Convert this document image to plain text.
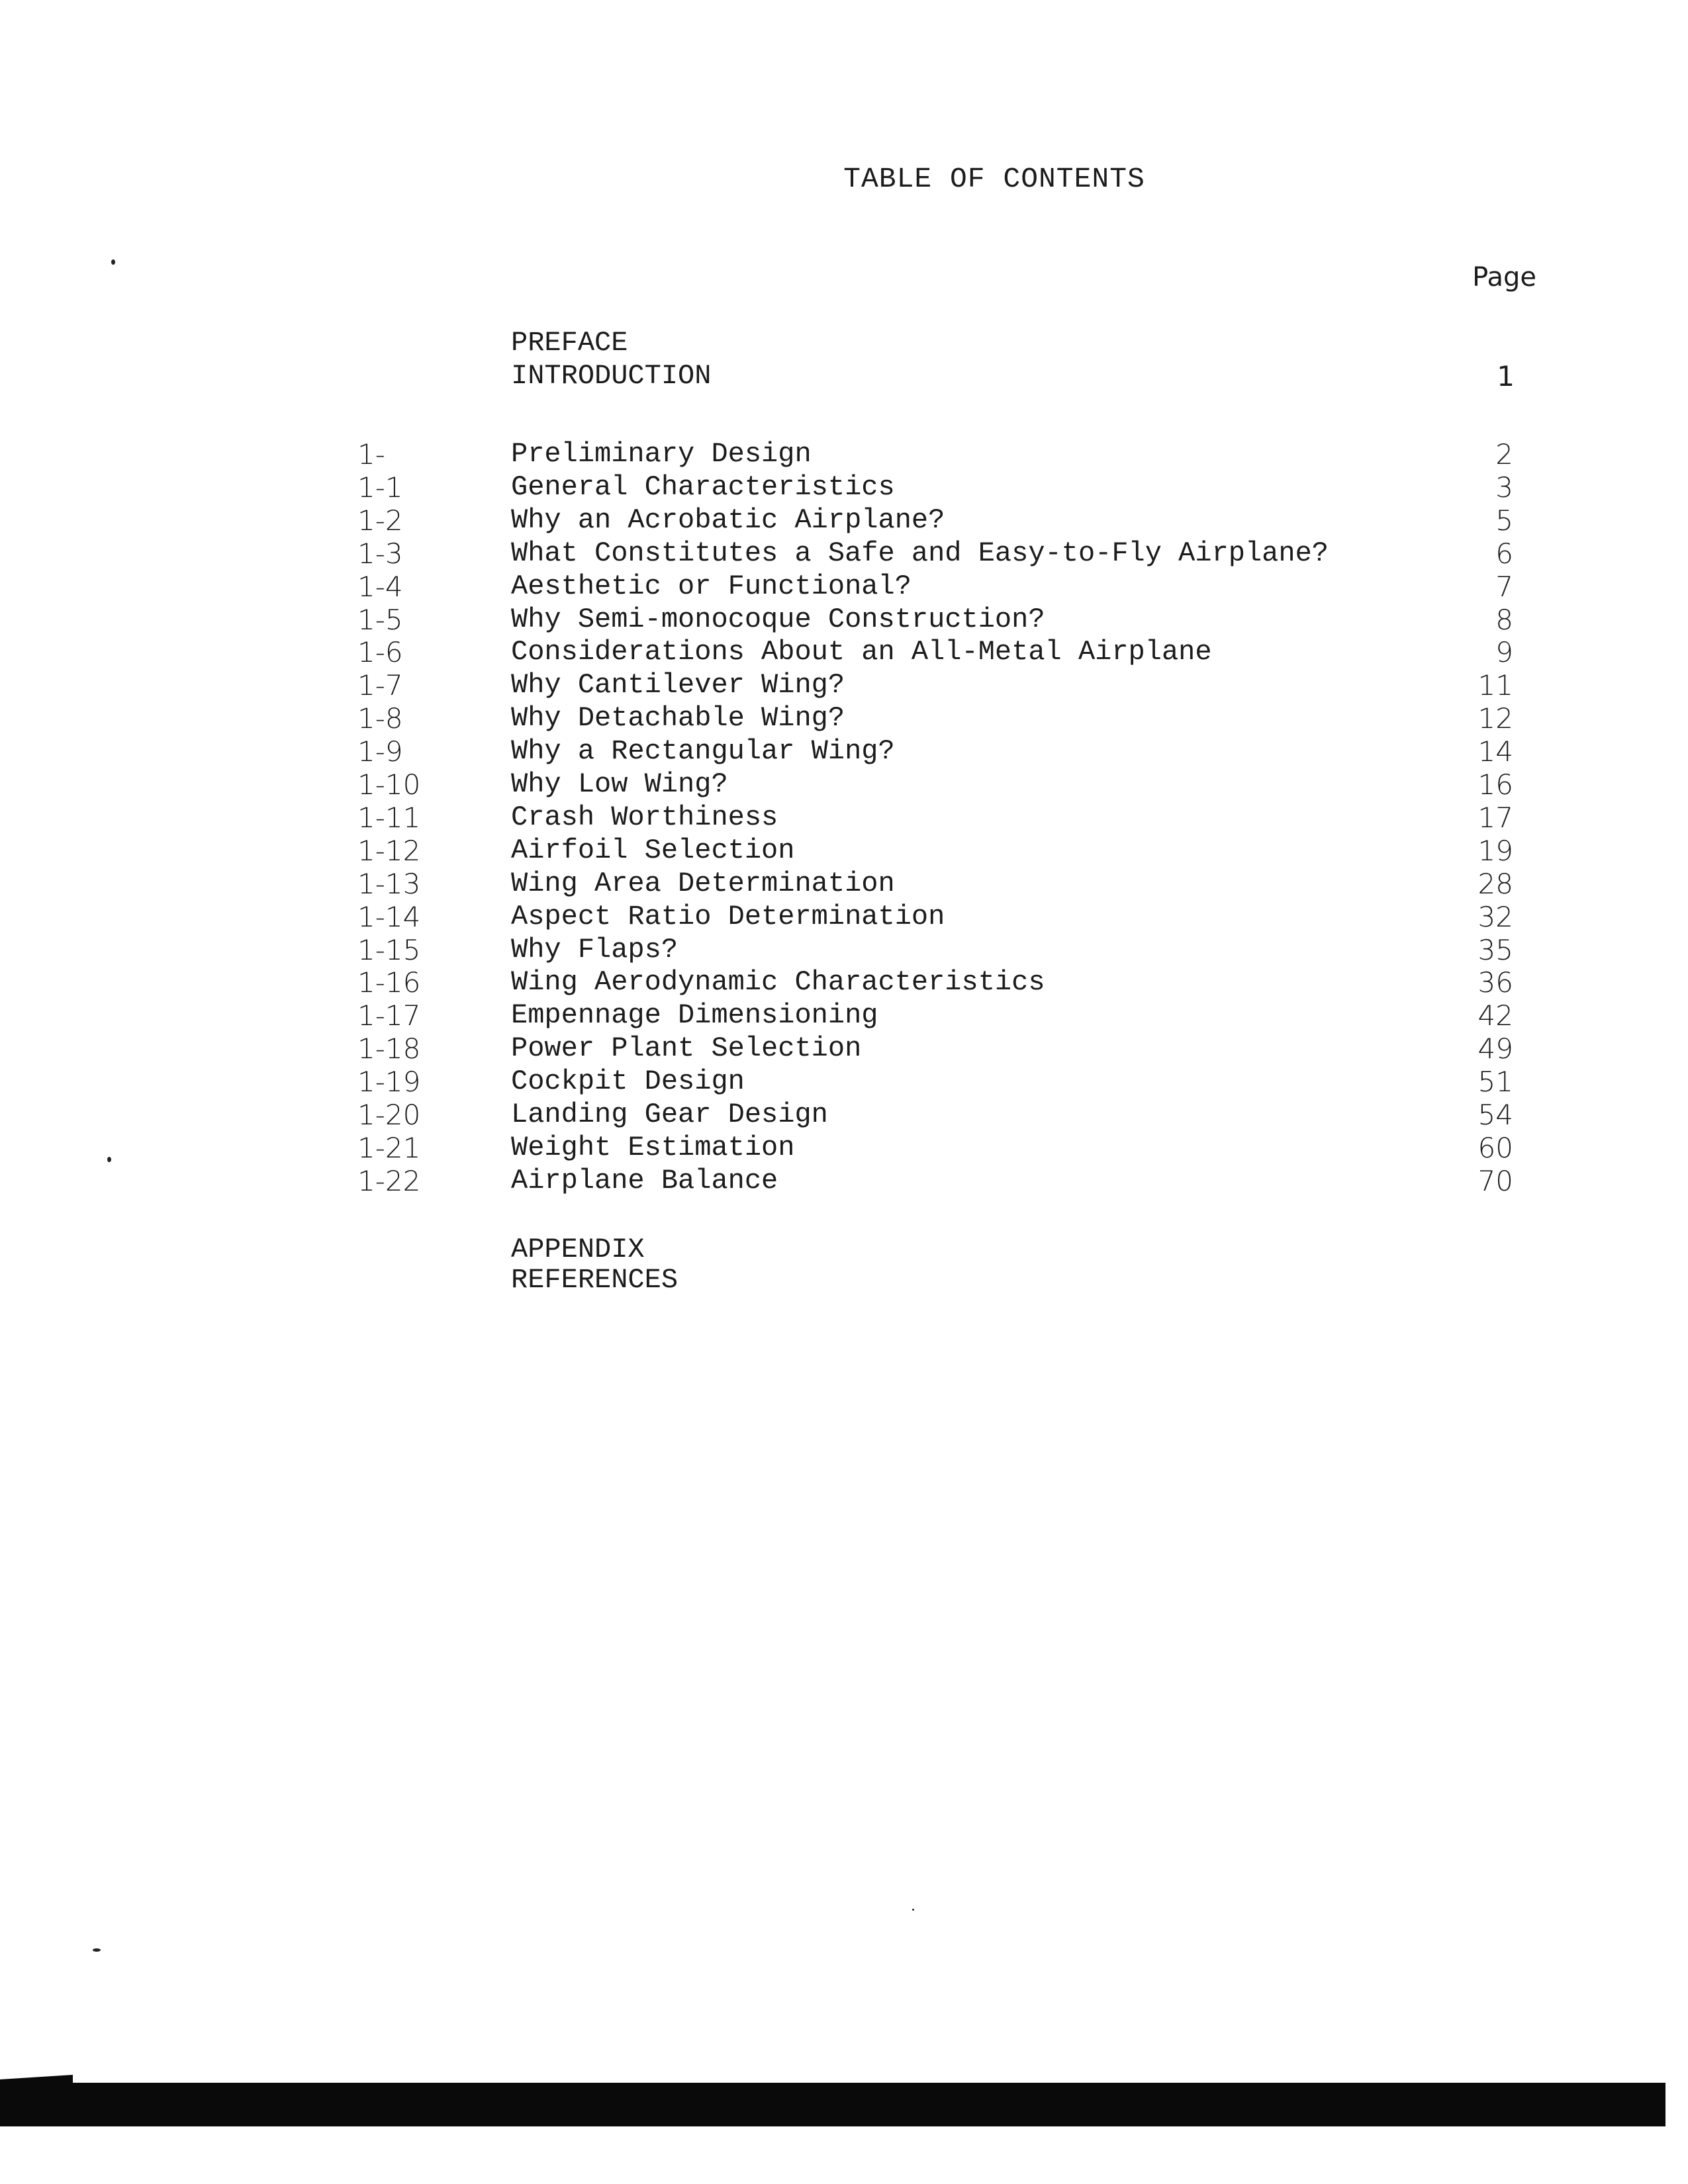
TABLE OF CONTENTS
Page
PREFACE
INTRODUCTION	1
1-	Preliminary Design	2
1-1	General Characteristics	3
1-2	Why an Acrobatic Airplane?	5
1-3	What Constitutes a Safe and Easy-to-Fly Airplane?	6
1-4	Aesthetic or Functional?	7
1-5	Why Semi-monocoque Construction?	8
1-6	Considerations About an All-Metal Airplane	9
1-7	Why Cantilever Wing?	11
1-8	Why Detachable Wing?	12
1-9	Why a Rectangular Wing?	14
1-10	Why Low Wing?	16
1-11	Crash Worthiness	17
1-12	Airfoil Selection	19
1-13	Wing Area Determination	28
1-14	Aspect Ratio Determination	32
1-15	Why Flaps?	35
1-16	Wing Aerodynamic Characteristics	36
1-17	Empennage Dimensioning	42
1-18	Power Plant Selection	49
1-19	Cockpit Design	51
1-20	Landing Gear Design	54
1-21	Weight Estimation	60
1-22	Airplane Balance	70
APPENDIX
REFERENCES
